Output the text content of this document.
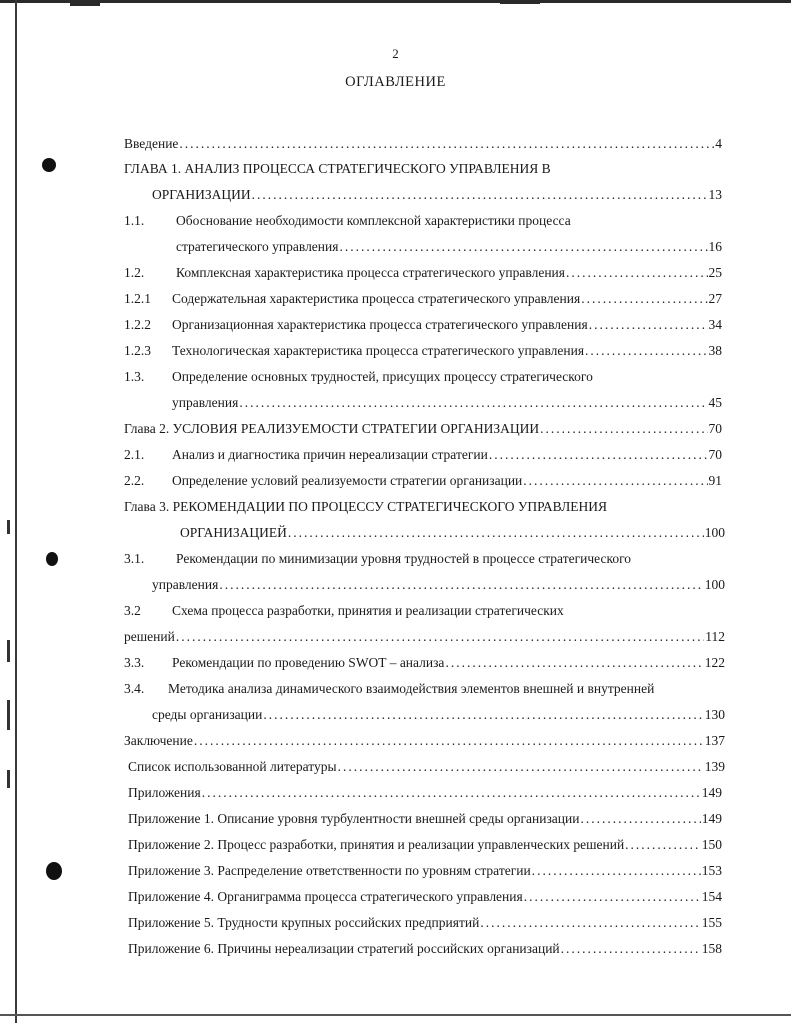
2
ОГЛАВЛЕНИЕ
Введение .....	4
ГЛАВА 1. АНАЛИЗ ПРОЦЕССА СТРАТЕГИЧЕСКОГО УПРАВЛЕНИЯ В
ОРГАНИЗАЦИИ .....	13
1.1. Обоснование необходимости комплексной характеристики процесса
стратегического управления .....	16
1.2. Комплексная характеристика процесса стратегического управления .....	25
1.2.1 Содержательная характеристика процесса стратегического управления .....	27
1.2.2 Организационная характеристика процесса стратегического управления .....	34
1.2.3 Технологическая характеристика процесса стратегического управления .....	38
1.3. Определение основных трудностей, присущих процессу стратегического
управления .....	45
Глава 2. УСЛОВИЯ РЕАЛИЗУЕМОСТИ СТРАТЕГИИ ОРГАНИЗАЦИИ .....	70
2.1. Анализ и диагностика причин нереализации стратегии .....	70
2.2. Определение условий реализуемости стратегии организации .....	91
Глава 3. РЕКОМЕНДАЦИИ ПО ПРОЦЕССУ СТРАТЕГИЧЕСКОГО УПРАВЛЕНИЯ
ОРГАНИЗАЦИЕЙ .....	100
3.1. Рекомендации по минимизации уровня трудностей в процессе стратегического
управления .....	100
3.2 Схема процесса разработки, принятия и реализации стратегических
решений .....	112
3.3. Рекомендации по проведению SWOT – анализа .....	122
3.4. Методика анализа динамического взаимодействия элементов внешней и внутренней
среды организации .....	130
Заключение .....	137
Список использованной литературы .....	139
Приложения .....	149
Приложение 1. Описание уровня турбулентности внешней среды организации .....	149
Приложение 2. Процесс разработки, принятия и реализации управленческих решений .....	150
Приложение 3. Распределение ответственности по уровням стратегии .....	153
Приложение 4. Органиграмма процесса стратегического управления .....	154
Приложение 5. Трудности крупных российских предприятий .....	155
Приложение 6. Причины нереализации стратегий российских организаций .....	158
